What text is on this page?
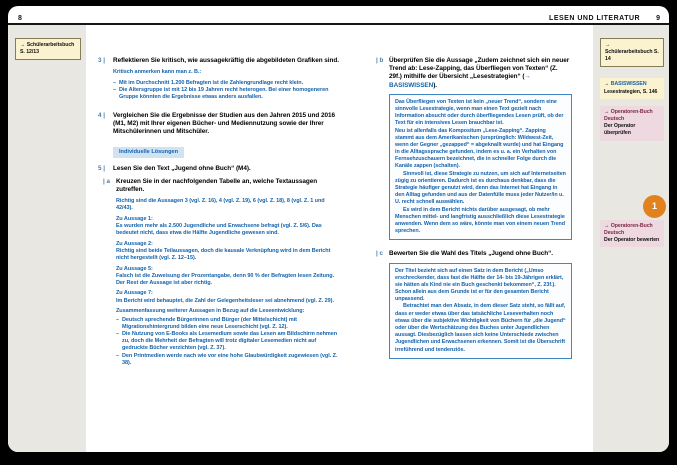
8	LESEN UND LITERATUR 9
→ Schülerarbeitsbuch
S. 12/13
→ Schülerarbeitsbuch S. 14
→ BASISWISSEN
Lesestrategien, S. 146
→ Operatoren-Buch Deutsch
Der Operator überprüfen
1
→ Operatoren-Buch Deutsch
Der Operator bewerten
3 |	Reflektieren Sie kritisch, wie aussagekräftig die abgebildeten Grafiken sind.

Kritisch anmerken kann man z. B.:

– Mit im Durchschnitt 1.200 Befragten ist die Zahlengrundlage recht klein.
– Die Altersgruppe ist mit 12 bis 19 Jahren recht heterogen. Bei einer homogeneren Gruppe könnten die Ergebnisse etwas anders ausfallen.
4 |	Vergleichen Sie die Ergebnisse der Studien aus den Jahren 2015 und 2016 (M1, M2) mit Ihrer eigenen Bücher- und Mediennutzung sowie der Ihrer Mitschülerinnen und Mitschüler.

Individuelle Lösungen
5 |	Lesen Sie den Text „Jugend ohne Buch“ (M4).

| a Kreuzen Sie in der nachfolgenden Tabelle an, welche Textaussagen zutreffen.

Richtig sind die Aussagen 3 (vgl. Z. 16), 4 (vgl. Z. 19), 6 (vgl. Z. 18), 8 (vgl. Z. 1 und 42/43).

Zu Aussage 1:
Es wurden mehr als 2.500 Jugendliche und Erwachsene befragt (vgl. Z. 5/6). Das bedeutet nicht, dass etwa die Hälfte Jugendliche gewesen sind.

Zu Aussage 2:
Richtig sind beide Teilaussagen, doch die kausale Verknüpfung wird in dem Bericht nicht hergestellt (vgl. Z. 12–15).

Zu Aussage 5:
Falsch ist die Zuweisung der Prozentangabe, denn 90 % der Befragten lesen Zeitung. Der Rest der Aussage ist aber richtig.

Zu Aussage 7:
Im Bericht wird behauptet, die Zahl der Gelegenheitsleser sei abnehmend (vgl. Z. 29).

Zusammenfassung weiterer Aussagen in Bezug auf die Leseentwicklung:

– Deutsch sprechende Bürgerinnen und Bürger (der Mittelschicht) mit Migrationshintergrund bilden eine neue Leserschicht (vgl. Z. 12).
– Die Nutzung von E-Books als Lesemedium sowie das Lesen am Bildschirm nehmen zu, doch die Mehrheit der Befragten will trotz digitaler Lesemedien nicht auf gedruckte Bücher verzichten (vgl. Z. 37).
– Den Printmedien werde nach wie vor eine hohe Glaubwürdigkeit zugewiesen (vgl. Z. 38).
| b Überprüfen Sie die Aussage „Zudem zeichnet sich ein neuer Trend ab: Lese-Zapping, das Überfliegen von Texten“ (Z. 29f.) mithilfe der Übersicht „Lesestrategien“ (→ BASISWISSEN).

Das Überfliegen von Texten ist kein „neuer Trend“, sondern eine sinnvolle Lesestrategie, wenn man einen Text gezielt nach Information absucht oder durch überfliegendes Lesen prüft, ob der Text für ein intensives Lesen brauchbar ist.

Neu ist allenfalls das Kompositum „Lese-Zapping“. Zapping stammt aus dem Amerikanischen (ursprünglich: Wildwest-Zeit, wenn der Gegner „gezapped“ = abgeknallt wurde) und hat Eingang in die Alltagssprache gefunden, indem es u. a. ein Verhalten von Fernsehzuschauern bezeichnet, die in schneller Folge durch die Kanäle zappen (schalten).

Sinnvoll ist, diese Strategie zu nutzen, um sich auf Internetseiten zügig zu orientieren. Dadurch ist es durchaus denkbar, dass die Strategie häufiger genutzt wird, denn das Internet hat Eingang in den Alltag gefunden und aus der Datenfülle muss jeder Nutzer/in u. U. recht schnell auswählen.

Es wird in dem Bericht nichts darüber ausgesagt, ob mehr Menschen mittel- und langfristig ausschließlich diese Lesestrategie anwenden. Wenn dem so wäre, könnte man von einem neuen Trend sprechen.

| c Bewerten Sie die Wahl des Titels „Jugend ohne Buch“.

Der Titel bezieht sich auf einen Satz in dem Bericht („Umso erschreckender, dass fast die Hälfte der 14- bis 19-Jährigen erklärt, sie hätten als Kind nie ein Buch geschenkt bekommen“, Z. 23f.). Schon allein aus dem Grunde ist er für den gesamten Bericht unpassend.

Betrachtet man den Absatz, in dem dieser Satz steht, so fällt auf, dass er weder etwas über das tatsächliche Leseverhalten noch etwas über die subjektive Wichtigkeit von Büchern für „die Jugend“ oder über die Wertschätzung des Buches unter Jugendlichen aussagt. Diesbezüglich lassen sich keine Unterschiede zwischen Jugendlichen und Erwachsenen erkennen. Somit ist die Überschrift irreführend und tendenziös.
